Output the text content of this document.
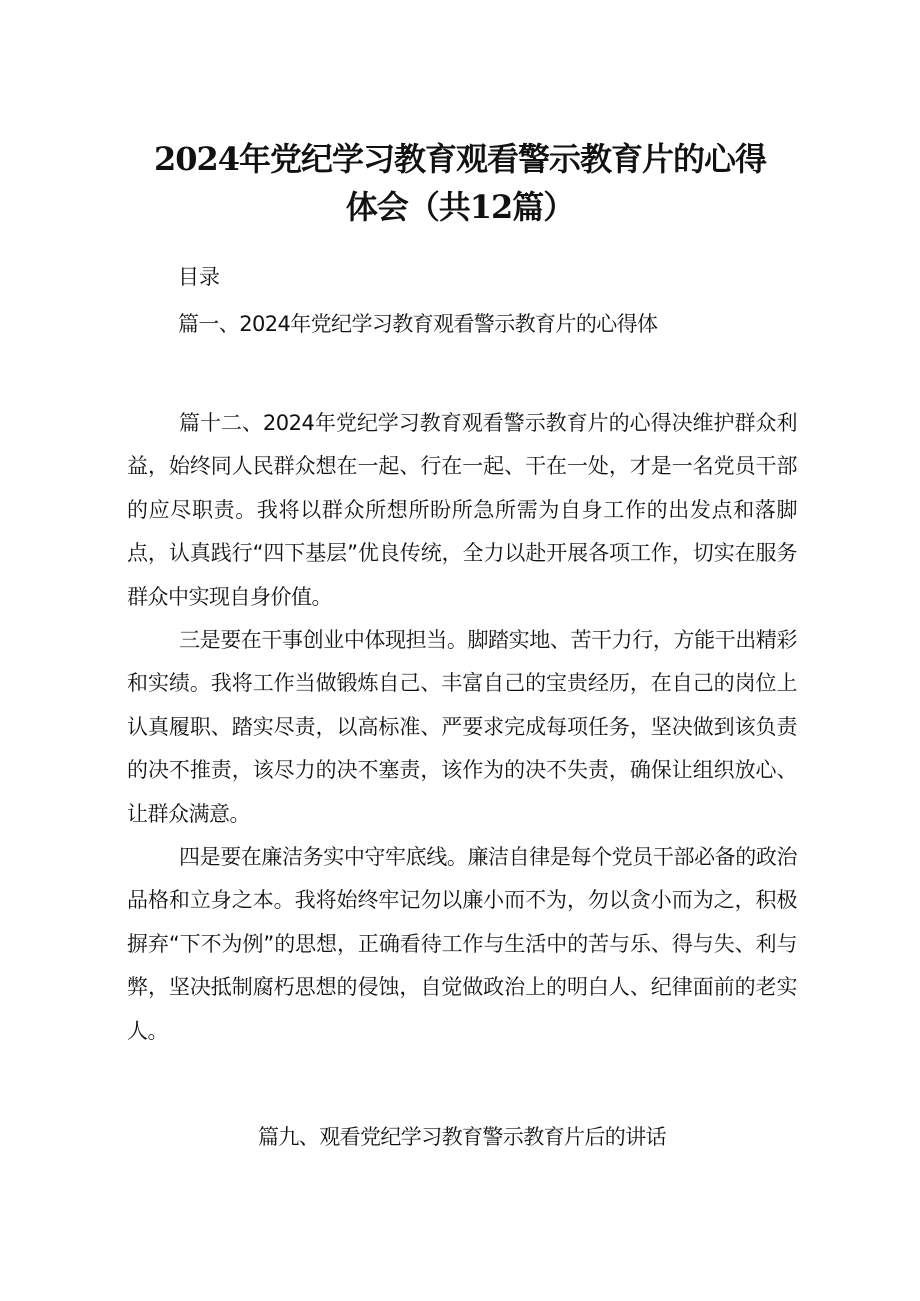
2024年党纪学习教育观看警示教育片的心得体会（共12篇）
目录
篇一、2024年党纪学习教育观看警示教育片的心得体

篇十二、2024年党纪学习教育观看警示教育片的心得决维护群众利益，始终同人民群众想在一起、行在一起、干在一处，才是一名党员干部的应尽职责。我将以群众所想所盼所急所需为自身工作的出发点和落脚点，认真践行“四下基层”优良传统，全力以赴开展各项工作，切实在服务群众中实现自身价值。

三是要在干事创业中体现担当。脚踏实地、苦干力行，方能干出精彩和实绩。我将工作当做锻炼自己、丰富自己的宝贵经历，在自己的岗位上认真履职、踏实尽责，以高标准、严要求完成每项任务，坚决做到该负责的决不推责，该尽力的决不塞责，该作为的决不失责，确保让组织放心、让群众满意。

四是要在廉洁务实中守牢底线。廉洁自律是每个党员干部必备的政治品格和立身之本。我将始终牢记勿以廉小而不为，勿以贪小而为之，积极摒弃“下不为例”的思想，正确看待工作与生活中的苦与乐、得与失、利与弊，坚决抵制腐朽思想的侵蚀，自觉做政治上的明白人、纪律面前的老实人。

篇九、观看党纪学习教育警示教育片后的讲话
